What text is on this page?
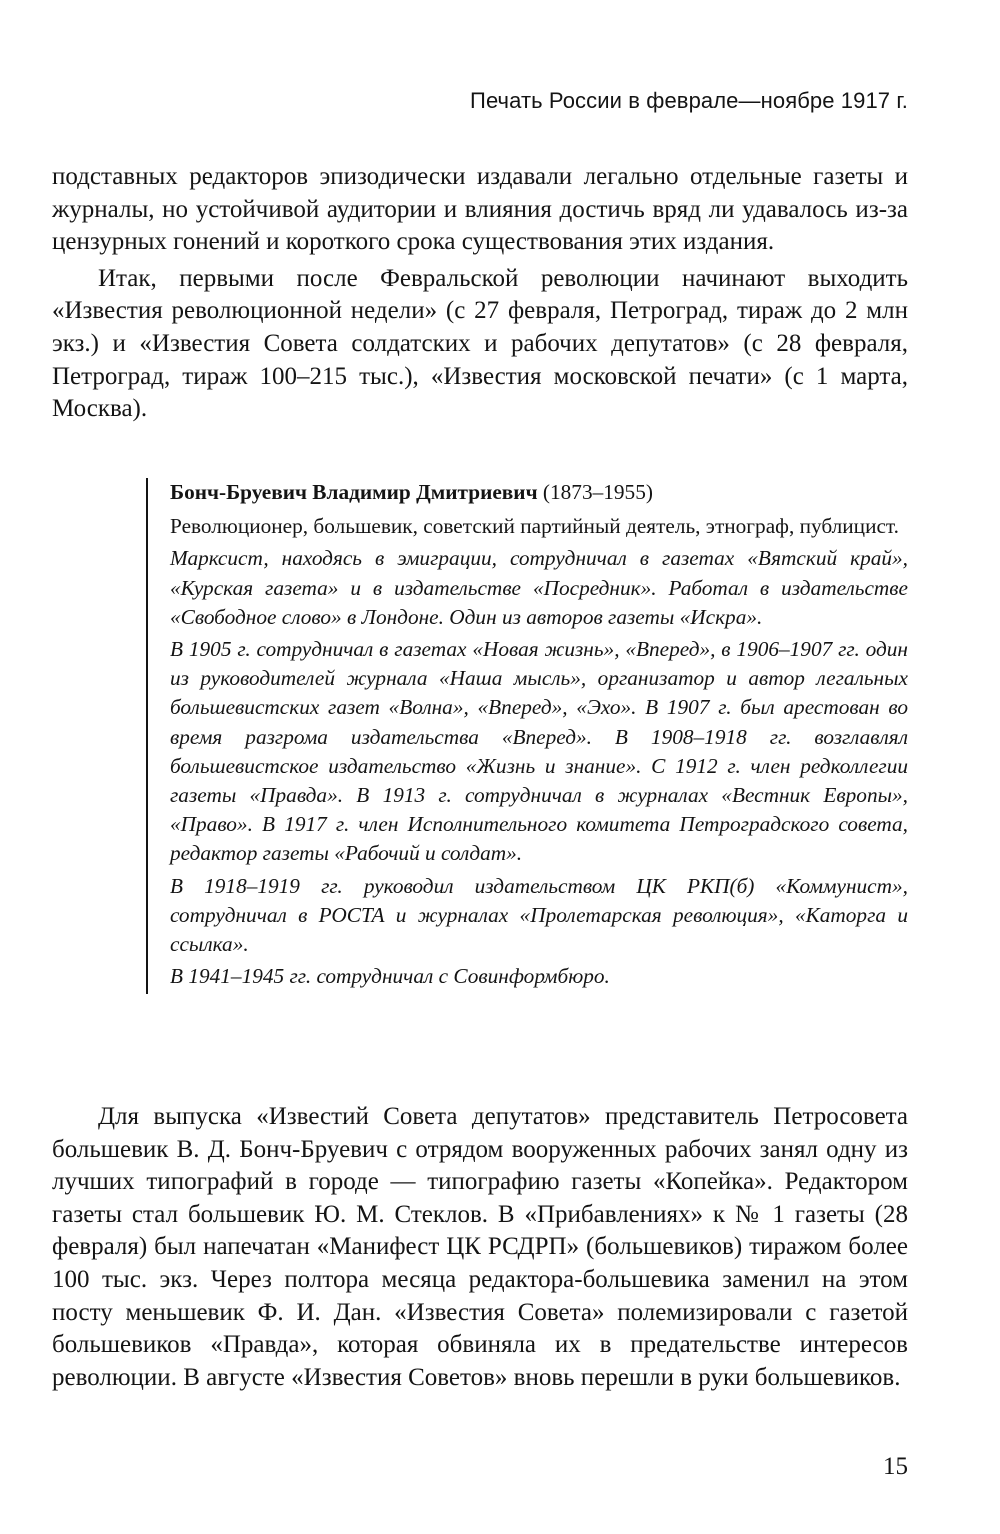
Печать России в феврале—ноябре 1917 г.

подставных редакторов эпизодически издавали легально отдельные газеты и журналы, но устойчивой аудитории и влияния достичь вряд ли удавалось из-за цензурных гонений и короткого срока существования этих издания.

Итак, первыми после Февральской революции начинают выходить «Известия революционной недели» (с 27 февраля, Петроград, тираж до 2 млн экз.) и «Известия Совета солдатских и рабочих депутатов» (с 28 февраля, Петроград, тираж 100–215 тыс.), «Известия московской печати» (с 1 марта, Москва).

Бонч-Бруевич Владимир Дмитриевич (1873–1955)

Революционер, большевик, советский партийный деятель, этнограф, публицист.

Марксист, находясь в эмиграции, сотрудничал в газетах «Вятский край», «Курская газета» и в издательстве «Посредник». Работал в издательстве «Свободное слово» в Лондоне. Один из авторов газеты «Искра».

В 1905 г. сотрудничал в газетах «Новая жизнь», «Вперед», в 1906–1907 гг. один из руководителей журнала «Наша мысль», организатор и автор легальных большевистских газет «Волна», «Вперед», «Эхо». В 1907 г. был арестован во время разгрома издательства «Вперед». В 1908–1918 гг. возглавлял большевистское издательство «Жизнь и знание». С 1912 г. член редколлегии газеты «Правда». В 1913 г. сотрудничал в журналах «Вестник Европы», «Право». В 1917 г. член Исполнительного комитета Петроградского совета, редактор газеты «Рабочий и солдат».

В 1918–1919 гг. руководил издательством ЦК РКП(б) «Коммунист», сотрудничал в РОСТА и журналах «Пролетарская революция», «Каторга и ссылка».

В 1941–1945 гг. сотрудничал с Совинформбюро.

Для выпуска «Известий Совета депутатов» представитель Петросовета большевик В. Д. Бонч-Бруевич с отрядом вооруженных рабочих занял одну из лучших типографий в городе — типографию газеты «Копейка». Редактором газеты стал большевик Ю. М. Стеклов. В «Прибавлениях» к № 1 газеты (28 февраля) был напечатан «Манифест ЦК РСДРП» (большевиков) тиражом более 100 тыс. экз. Через полтора месяца редактора-большевика заменил на этом посту меньшевик Ф. И. Дан. «Известия Совета» полемизировали с газетой большевиков «Правда», которая обвиняла их в предательстве интересов революции. В августе «Известия Советов» вновь перешли в руки большевиков.

15
